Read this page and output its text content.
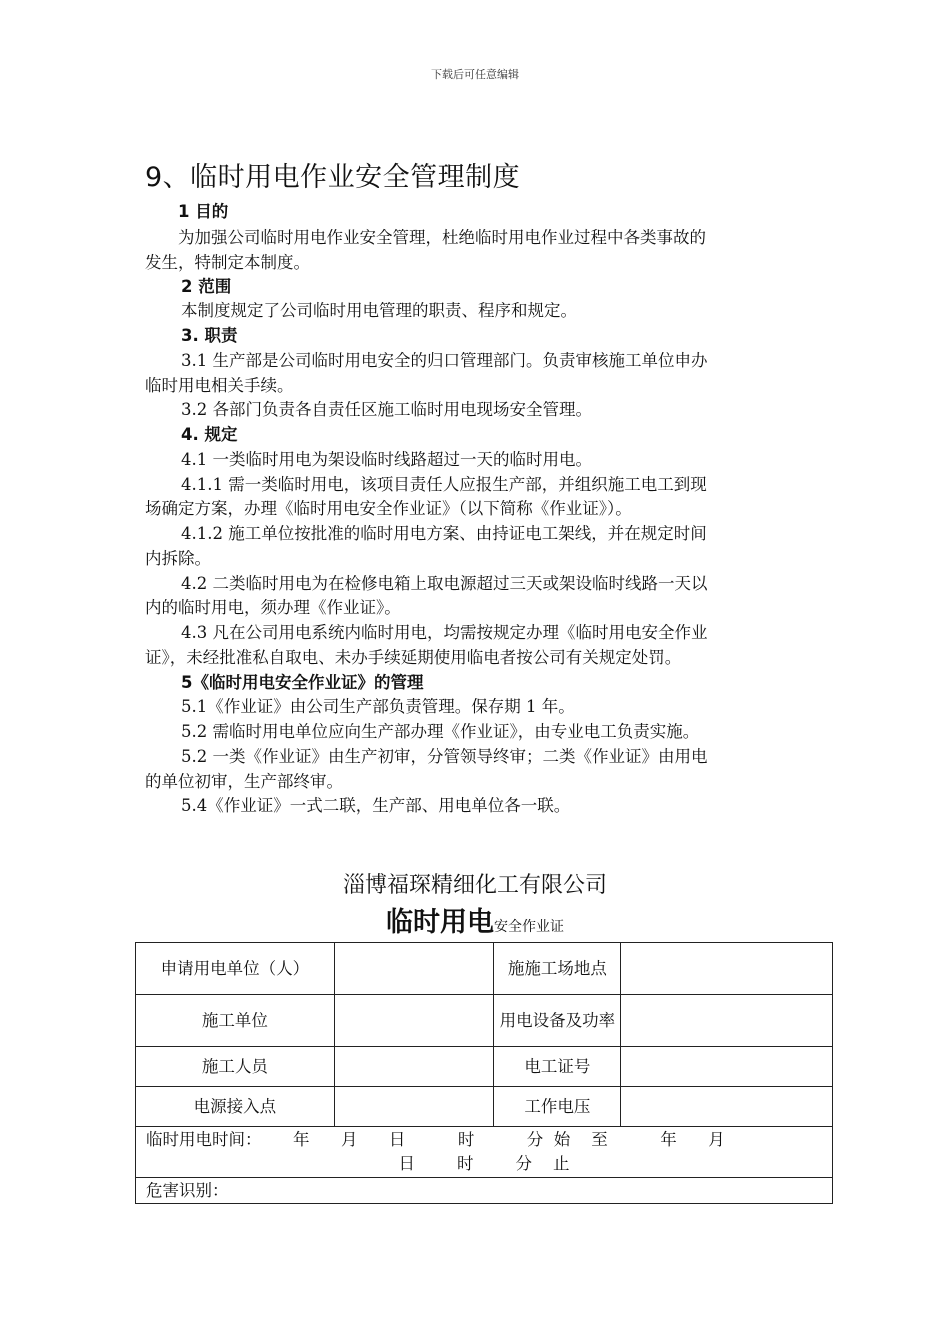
下载后可任意编辑
9、临时用电作业安全管理制度
1 目的
为加强公司临时用电作业安全管理，杜绝临时用电作业过程中各类事故的
发生，特制定本制度。
2 范围
本制度规定了公司临时用电管理的职责、程序和规定。
3. 职责
3.1 生产部是公司临时用电安全的归口管理部门。负责审核施工单位申办
临时用电相关手续。
3.2 各部门负责各自责任区施工临时用电现场安全管理。
4. 规定
4.1 一类临时用电为架设临时线路超过一天的临时用电。
4.1.1 需一类临时用电，该项目责任人应报生产部，并组织施工电工到现
场确定方案，办理《临时用电安全作业证》（以下简称《作业证》）。
4.1.2 施工单位按批准的临时用电方案、由持证电工架线，并在规定时间
内拆除。
4.2 二类临时用电为在检修电箱上取电源超过三天或架设临时线路一天以
内的临时用电，须办理《作业证》。
4.3 凡在公司用电系统内临时用电，均需按规定办理《临时用电安全作业
证》，未经批准私自取电、未办手续延期使用临电者按公司有关规定处罚。
5《临时用电安全作业证》的管理
5.1《作业证》由公司生产部负责管理。保存期 1 年。
5.2 需临时用电单位应向生产部办理《作业证》，由专业电工负责实施。
5.2 一类《作业证》由生产初审，分管领导终审；二类《作业证》由用电
的单位初审，生产部终审。
5.4《作业证》一式二联，生产部、用电单位各一联。
淄博福琛精细化工有限公司
临时用电安全作业证
申请用电单位（人）		施施工场地点	
施工单位		用电设备及功率	
施工人员		电工证号	
电源接入点		工作电压	

临时用电时间：      年      月      日          时          分  始    至          年      月
日        时        分    止			

危害识别：			
